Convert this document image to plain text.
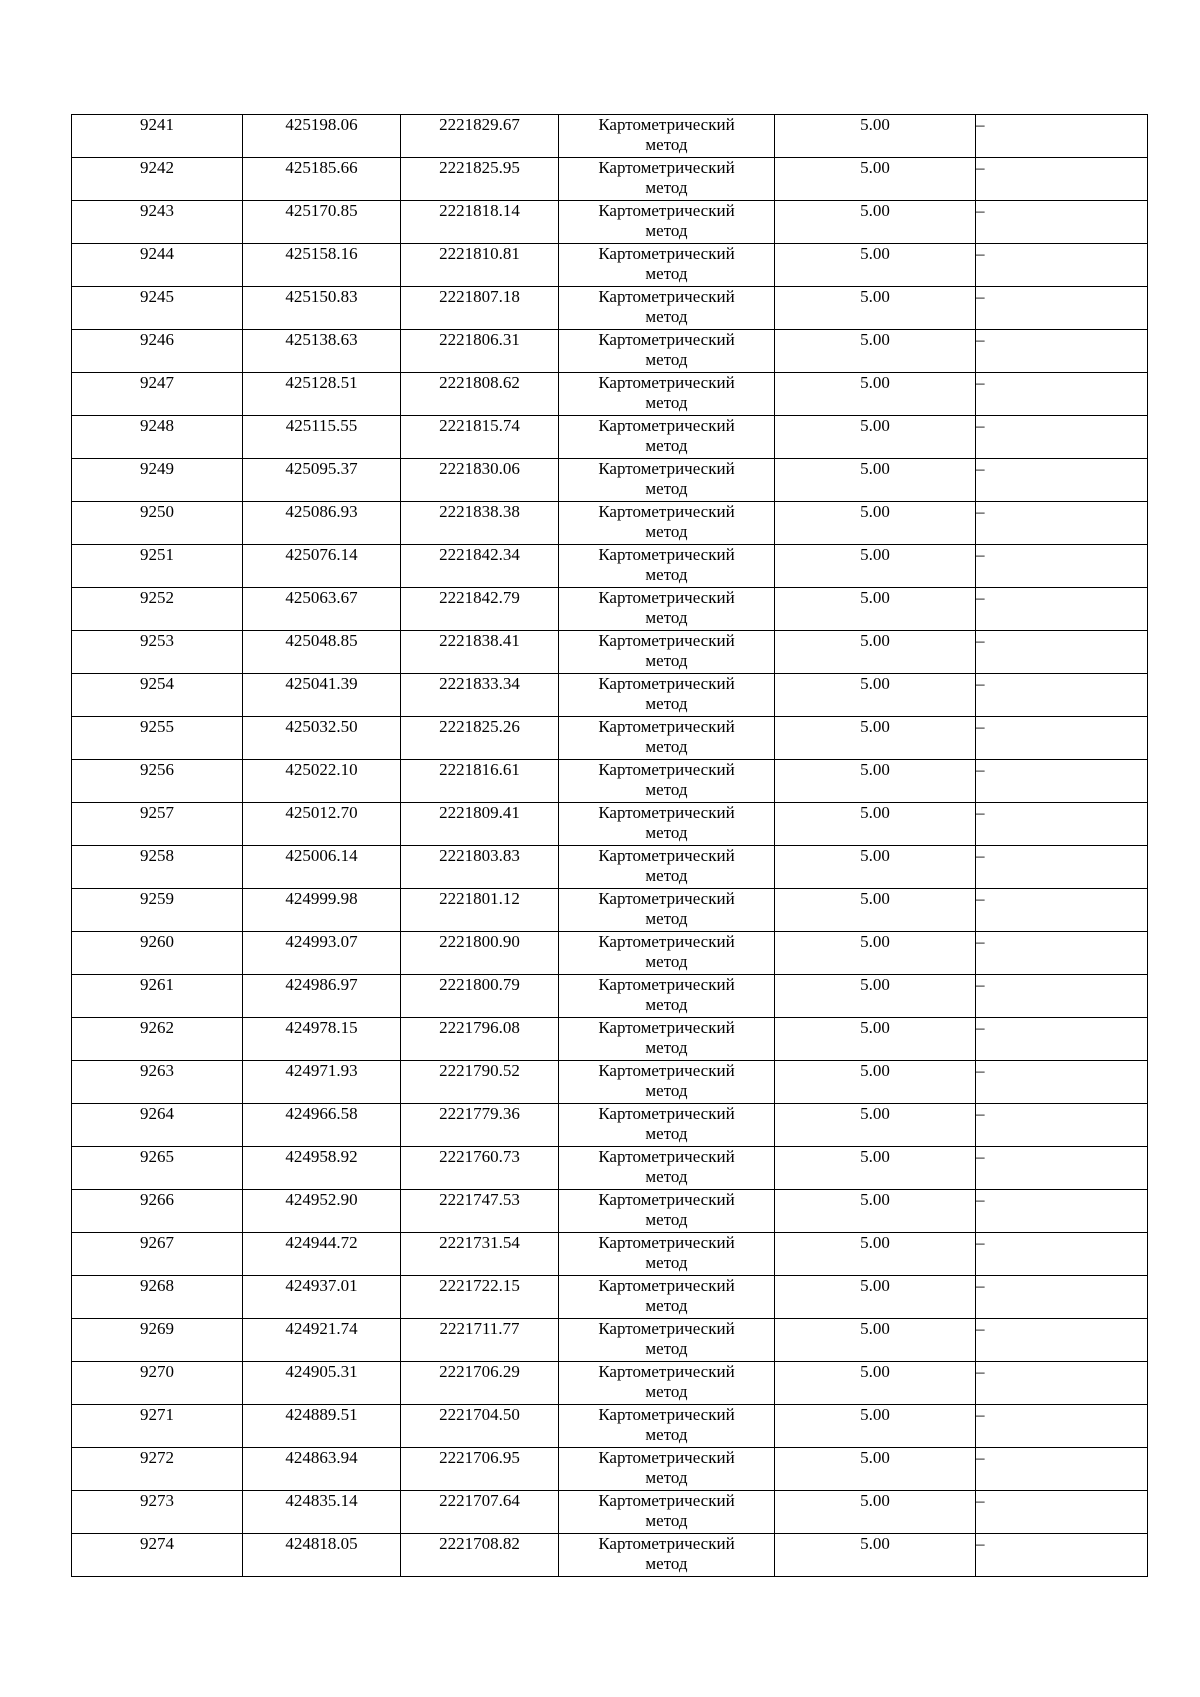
9241	425198.06	2221829.67	Картометрический
метод	5.00	–
9242	425185.66	2221825.95	Картометрический
метод	5.00	–
9243	425170.85	2221818.14	Картометрический
метод	5.00	–
9244	425158.16	2221810.81	Картометрический
метод	5.00	–
9245	425150.83	2221807.18	Картометрический
метод	5.00	–
9246	425138.63	2221806.31	Картометрический
метод	5.00	–
9247	425128.51	2221808.62	Картометрический
метод	5.00	–
9248	425115.55	2221815.74	Картометрический
метод	5.00	–
9249	425095.37	2221830.06	Картометрический
метод	5.00	–
9250	425086.93	2221838.38	Картометрический
метод	5.00	–
9251	425076.14	2221842.34	Картометрический
метод	5.00	–
9252	425063.67	2221842.79	Картометрический
метод	5.00	–
9253	425048.85	2221838.41	Картометрический
метод	5.00	–
9254	425041.39	2221833.34	Картометрический
метод	5.00	–
9255	425032.50	2221825.26	Картометрический
метод	5.00	–
9256	425022.10	2221816.61	Картометрический
метод	5.00	–
9257	425012.70	2221809.41	Картометрический
метод	5.00	–
9258	425006.14	2221803.83	Картометрический
метод	5.00	–
9259	424999.98	2221801.12	Картометрический
метод	5.00	–
9260	424993.07	2221800.90	Картометрический
метод	5.00	–
9261	424986.97	2221800.79	Картометрический
метод	5.00	–
9262	424978.15	2221796.08	Картометрический
метод	5.00	–
9263	424971.93	2221790.52	Картометрический
метод	5.00	–
9264	424966.58	2221779.36	Картометрический
метод	5.00	–
9265	424958.92	2221760.73	Картометрический
метод	5.00	–
9266	424952.90	2221747.53	Картометрический
метод	5.00	–
9267	424944.72	2221731.54	Картометрический
метод	5.00	–
9268	424937.01	2221722.15	Картометрический
метод	5.00	–
9269	424921.74	2221711.77	Картометрический
метод	5.00	–
9270	424905.31	2221706.29	Картометрический
метод	5.00	–
9271	424889.51	2221704.50	Картометрический
метод	5.00	–
9272	424863.94	2221706.95	Картометрический
метод	5.00	–
9273	424835.14	2221707.64	Картометрический
метод	5.00	–
9274	424818.05	2221708.82	Картометрический
метод	5.00	–
